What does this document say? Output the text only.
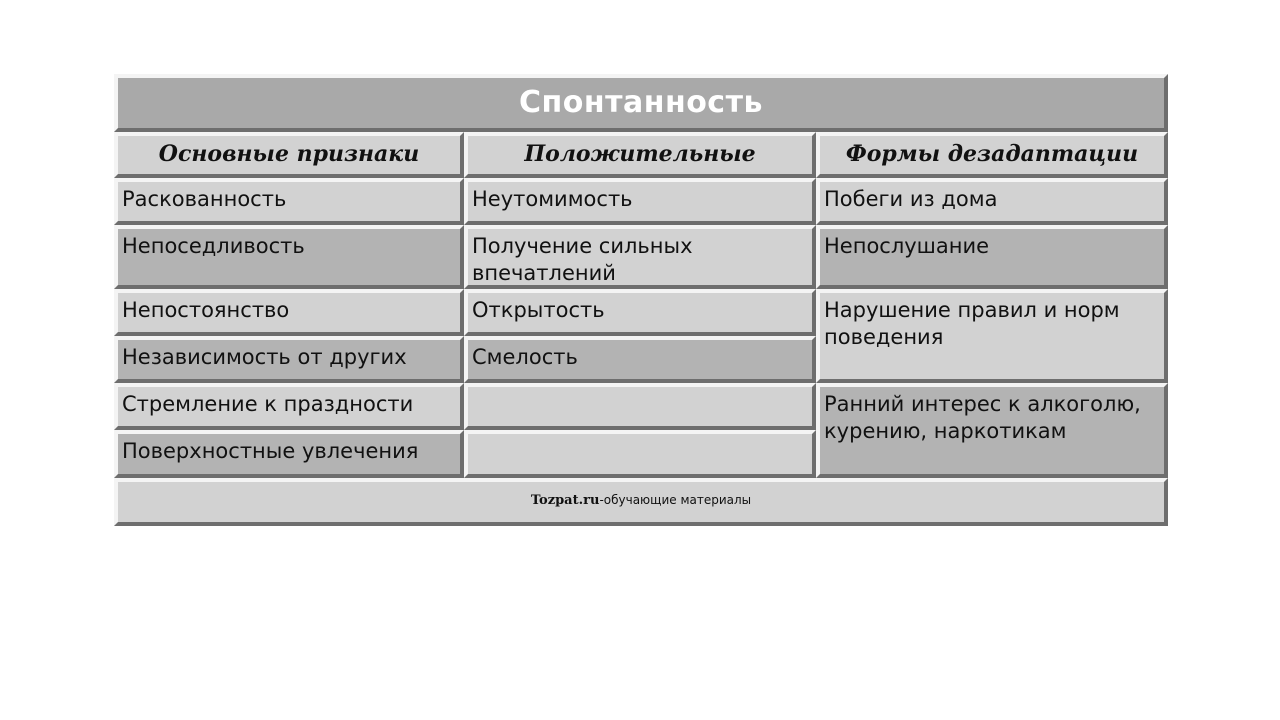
Спонтанность
Основные признаки	Положительные	Формы дезадаптации
Раскованность
Непоседливость
Непостоянство
Независимость от других
Стремление к праздности
Поверхностные увлечения
Неутомимость
Получение сильных впечатлений
Открытость
Смелость
Побеги из дома
Непослушание
Нарушение правил и норм поведения
Ранний интерес к алкоголю, курению, наркотикам
Tozpat.ru-обучающие материалы
